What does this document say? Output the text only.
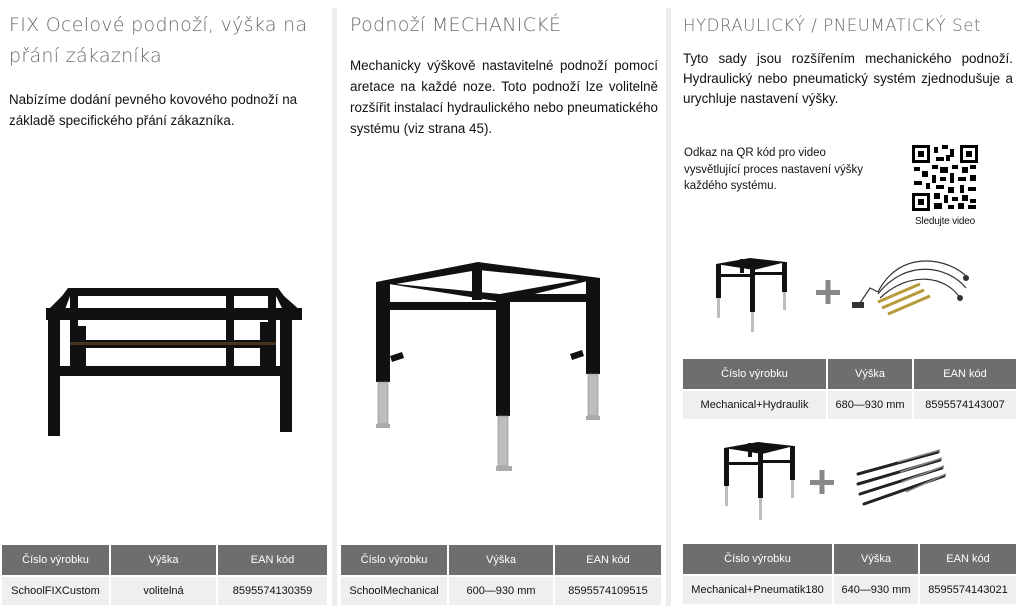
FIX Ocelové podnoží, výška na přání zákazníka

Nabízíme dodání pevného kovového podnoží na základě specifického přání zákazníka.

Číslo výrobku	Výška	EAN kód
SchoolFIXCustom	volitelná	8595574130359
Podnoží MECHANICKÉ

Mechanicky výškově nastavitelné podnoží pomocí aretace na každé noze. Toto podnoží lze volitelně rozšířit instalací hydraulického nebo pneumatického systému (viz strana 45).

Číslo výrobku	Výška	EAN kód
SchoolMechanical	600—930 mm	8595574109515
HYDRAULICKÝ / PNEUMATICKÝ Set

Tyto sady jsou rozšířením mechanického podnoží. Hydraulický nebo pneumatický systém zjednodušuje a urychluje nastavení výšky.

Odkaz na QR kód pro video vysvětlující proces nastavení výšky každého systému.

Sledujte video
Číslo výrobku	Výška	EAN kód
Mechanical+Hydraulik	680—930 mm	8595574143007
Číslo výrobku	Výška	EAN kód
Mechanical+Pneumatik180	640—930 mm	8595574143021
